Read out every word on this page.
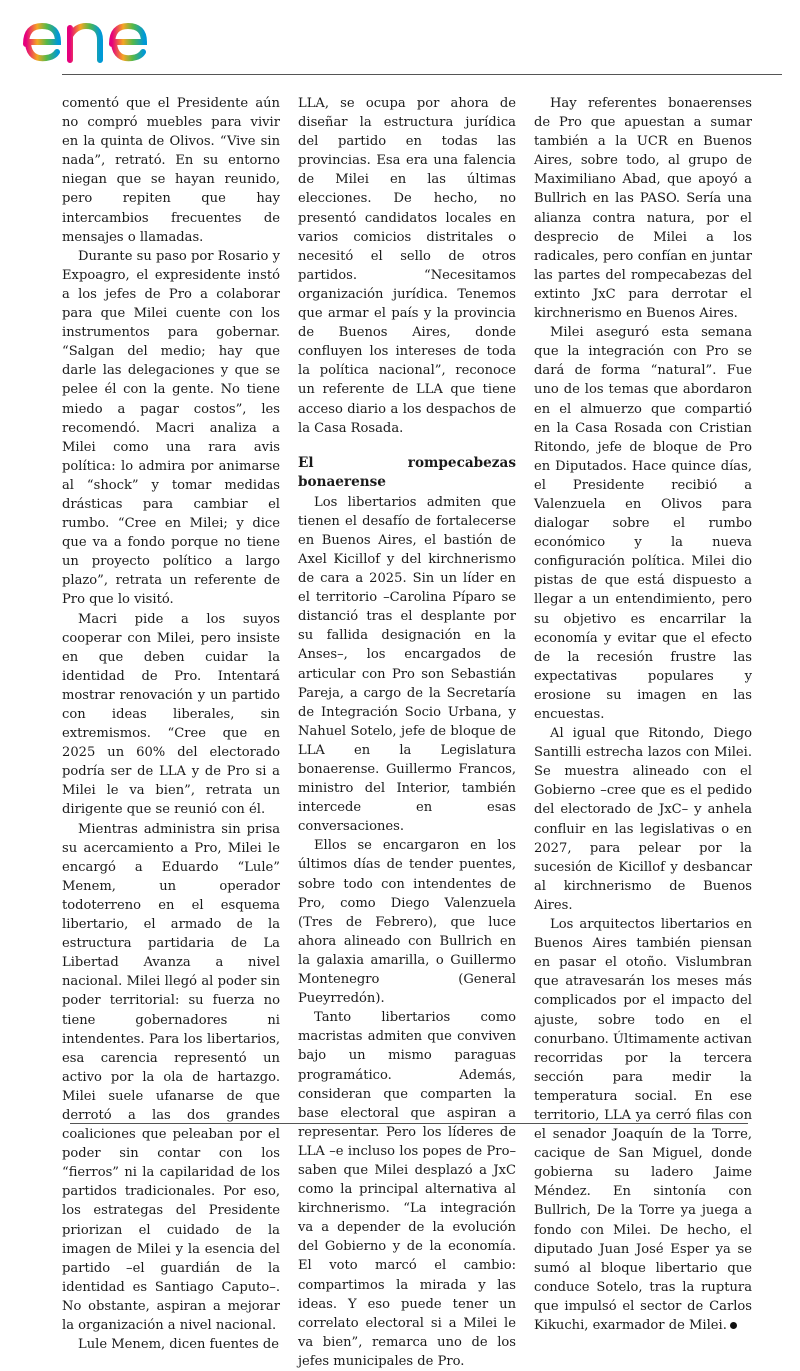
comentó que el Presidente aún no compró muebles para vivir en la quinta de Olivos. “Vive sin nada”, retrató. En su entorno niegan que se hayan reunido, pero repiten que hay intercambios frecuentes de mensajes o llamadas.

Durante su paso por Rosario y Expoagro, el expresidente instó a los jefes de Pro a colaborar para que Milei cuente con los instrumentos para gobernar. “Salgan del medio; hay que darle las delegaciones y que se pelee él con la gente. No tiene miedo a pagar costos”, les recomendó. Macri analiza a Milei como una rara avis política: lo admira por animarse al “shock” y tomar medidas drásticas para cambiar el rumbo. “Cree en Milei; y dice que va a fondo porque no tiene un proyecto político a largo plazo”, retrata un referente de Pro que lo visitó.

Macri pide a los suyos cooperar con Milei, pero insiste en que deben cuidar la identidad de Pro. Intentará mostrar renovación y un partido con ideas liberales, sin extremismos. “Cree que en 2025 un 60% del electorado podría ser de LLA y de Pro si a Milei le va bien”, retrata un dirigente que se reunió con él.

Mientras administra sin prisa su acercamiento a Pro, Milei le encargó a Eduardo “Lule” Menem, un operador todoterreno en el esquema libertario, el armado de la estructura partidaria de La Libertad Avanza a nivel nacional. Milei llegó al poder sin poder territorial: su fuerza no tiene gobernadores ni intendentes. Para los libertarios, esa carencia representó un activo por la ola de hartazgo. Milei suele ufanarse de que derrotó a las dos grandes coaliciones que peleaban por el poder sin contar con los “fierros” ni la capilaridad de los partidos tradicionales. Por eso, los estrategas del Presidente priorizan el cuidado de la imagen de Milei y la esencia del partido –el guardián de la identidad es Santiago Caputo–. No obstante, aspiran a mejorar la organización a nivel nacional.

Lule Menem, dicen fuentes de

LLA, se ocupa por ahora de diseñar la estructura jurídica del partido en todas las provincias. Esa era una falencia de Milei en las últimas elecciones. De hecho, no presentó candidatos locales en varios comicios distritales o necesitó el sello de otros partidos. “Necesitamos organización jurídica. Tenemos que armar el país y la provincia de Buenos Aires, donde confluyen los intereses de toda la política nacional”, reconoce un referente de LLA que tiene acceso diario a los despachos de la Casa Rosada.

El rompecabezas bonaerense

Los libertarios admiten que tienen el desafío de fortalecerse en Buenos Aires, el bastión de Axel Kicillof y del kirchnerismo de cara a 2025. Sin un líder en el territorio –Carolina Píparo se distanció tras el desplante por su fallida designación en la Anses–, los encargados de articular con Pro son Sebastián Pareja, a cargo de la Secretaría de Integración Socio Urbana, y Nahuel Sotelo, jefe de bloque de LLA en la Legislatura bonaerense. Guillermo Francos, ministro del Interior, también intercede en esas conversaciones.

Ellos se encargaron en los últimos días de tender puentes, sobre todo con intendentes de Pro, como Diego Valenzuela (Tres de Febrero), que luce ahora alineado con Bullrich en la galaxia amarilla, o Guillermo Montenegro (General Pueyrredón).

Tanto libertarios como macristas admiten que conviven bajo un mismo paraguas programático. Además, consideran que comparten la base electoral que aspiran a representar. Pero los líderes de LLA –e incluso los popes de Pro– saben que Milei desplazó a JxC como la principal alternativa al kirchnerismo. “La integración va a depender de la evolución del Gobierno y de la economía. El voto marcó el cambio: compartimos la mirada y las ideas. Y eso puede tener un correlato electoral si a Milei le va bien”, remarca uno de los jefes municipales de Pro.

Hay referentes bonaerenses de Pro que apuestan a sumar también a la UCR en Buenos Aires, sobre todo, al grupo de Maximiliano Abad, que apoyó a Bullrich en las PASO. Sería una alianza contra natura, por el desprecio de Milei a los radicales, pero confían en juntar las partes del rompecabezas del extinto JxC para derrotar el kirchnerismo en Buenos Aires.

Milei aseguró esta semana que la integración con Pro se dará de forma “natural”. Fue uno de los temas que abordaron en el almuerzo que compartió en la Casa Rosada con Cristian Ritondo, jefe de bloque de Pro en Diputados. Hace quince días, el Presidente recibió a Valenzuela en Olivos para dialogar sobre el rumbo económico y la nueva configuración política. Milei dio pistas de que está dispuesto a llegar a un entendimiento, pero su objetivo es encarrilar la economía y evitar que el efecto de la recesión frustre las expectativas populares y erosione su imagen en las encuestas.

Al igual que Ritondo, Diego Santilli estrecha lazos con Milei. Se muestra alineado con el Gobierno –cree que es el pedido del electorado de JxC– y anhela confluir en las legislativas o en 2027, para pelear por la sucesión de Kicillof y desbancar al kirchnerismo de Buenos Aires.

Los arquitectos libertarios en Buenos Aires también piensan en pasar el otoño. Vislumbran que atravesarán los meses más complicados por el impacto del ajuste, sobre todo en el conurbano. Últimamente activan recorridas por la tercera sección para medir la temperatura social. En ese territorio, LLA ya cerró filas con el senador Joaquín de la Torre, cacique de San Miguel, donde gobierna su ladero Jaime Méndez. En sintonía con Bullrich, De la Torre ya juega a fondo con Milei. De hecho, el diputado Juan José Esper ya se sumó al bloque libertario que conduce Sotelo, tras la ruptura que impulsó el sector de Carlos Kikuchi, exarmador de Milei.
